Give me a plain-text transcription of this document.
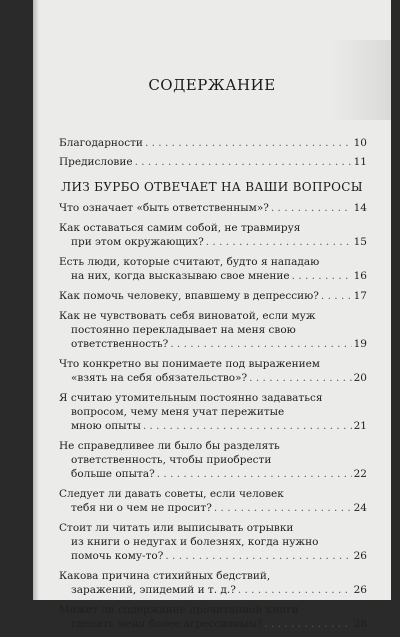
СОДЕРЖАНИЕ
Благодарности . . .	10
Предисловие . . .	11
ЛИЗ БУРБО ОТВЕЧАЕТ НА ВАШИ ВОПРОСЫ
Что означает «быть ответственным»? . . .	14
Как оставаться самим собой, не травмируя
при этом окружающих? . . .	15
Есть люди, которые считают, будто я нападаю
на них, когда высказываю свое мнение . . .	16
Как помочь человеку, впавшему в депрессию? . . .	17
Как не чувствовать себя виноватой, если муж
постоянно перекладывает на меня свою
ответственность? . . .	19
Что конкретно вы понимаете под выражением
«взять на себя обязательство»? . . .	20
Я считаю утомительным постоянно задаваться
вопросом, чему меня учат пережитые
мною опыты . . .	21
Не справедливее ли было бы разделять
ответственность, чтобы приобрести
больше опыта? . . .	22
Следует ли давать советы, если человек
тебя ни о чем не просит? . . .	24
Стоит ли читать или выписывать отрывки
из книги о недугах и болезнях, когда нужно
помочь кому-то? . . .	26
Какова причина стихийных бедствий,
заражений, эпидемий и т. д.? . . .	26
Может ли содержание прочитанной книги
сделать меня более агрессивным? . . .	28
